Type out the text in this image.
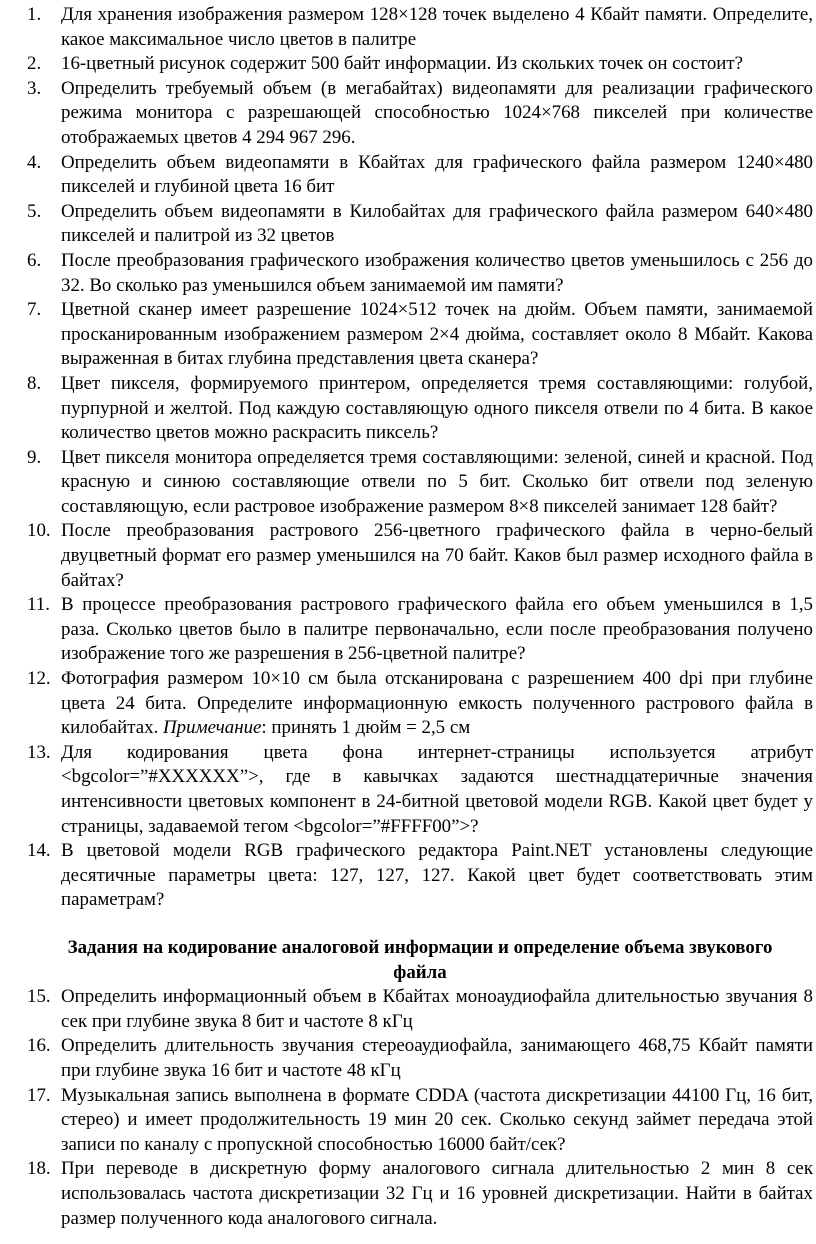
1.	Для хранения изображения размером 128×128 точек выделено 4 Кбайт памяти. Определите, какое максимальное число цветов в палитре
2.	16-цветный рисунок содержит 500 байт информации. Из скольких точек он состоит?
3.	Определить требуемый объем (в мегабайтах) видеопамяти для реализации графического режима монитора с разрешающей способностью 1024×768 пикселей при количестве отображаемых цветов 4 294 967 296.
4.	Определить объем видеопамяти в Кбайтах для графического файла размером 1240×480 пикселей и глубиной цвета 16 бит
5.	Определить объем видеопамяти в Килобайтах для графического файла размером 640×480 пикселей и палитрой из 32 цветов
6.	После преобразования графического изображения количество цветов уменьшилось с 256 до 32. Во сколько раз уменьшился объем занимаемой им памяти?
7.	Цветной сканер имеет разрешение 1024×512 точек на дюйм. Объем памяти, занимаемой просканированным изображением размером 2×4 дюйма, составляет около 8 Мбайт. Какова выраженная в битах глубина представления цвета сканера?
8.	Цвет пикселя, формируемого принтером, определяется тремя составляющими: голубой, пурпурной и желтой. Под каждую составляющую одного пикселя отвели по 4 бита. В какое количество цветов можно раскрасить пиксель?
9.	Цвет пикселя монитора определяется тремя составляющими: зеленой, синей и красной. Под красную и синюю составляющие отвели по 5 бит. Сколько бит отвели под зеленую составляющую, если растровое изображение размером 8×8 пикселей занимает 128 байт?
10. После преобразования растрового 256-цветного графического файла в черно-белый двуцветный формат его размер уменьшился на 70 байт. Каков был размер исходного файла в байтах?
11. В процессе преобразования растрового графического файла его объем уменьшился в 1,5 раза. Сколько цветов было в палитре первоначально, если после преобразования получено изображение того же разрешения в 256-цветной палитре?
12. Фотография размером 10×10 см была отсканирована с разрешением 400 dpi при глубине цвета 24 бита. Определите информационную емкость полученного растрового файла в килобайтах. Примечание: принять 1 дюйм = 2,5 см
13. Для кодирования цвета фона интернет-страницы используется атрибут <bgcolor=”#XXXXXX”>, где в кавычках задаются шестнадцатеричные значения интенсивности цветовых компонент в 24-битной цветовой модели RGB. Какой цвет будет у страницы, задаваемой тегом <bgcolor=”#FFFF00”>?
14. В цветовой модели RGB графического редактора Paint.NET установлены следующие десятичные параметры цвета: 127, 127, 127. Какой цвет будет соответствовать этим параметрам?

Задания на кодирование аналоговой информации и определение объема звукового файла

15. Определить информационный объем в Кбайтах моноаудиофайла длительностью звучания 8 сек при глубине звука 8 бит и частоте 8 кГц
16. Определить длительность звучания стереоаудиофайла, занимающего 468,75 Кбайт памяти при глубине звука 16 бит и частоте 48 кГц
17. Музыкальная запись выполнена в формате CDDA (частота дискретизации 44100 Гц, 16 бит, стерео) и имеет продолжительность 19 мин 20 сек. Сколько секунд займет передача этой записи по каналу с пропускной способностью 16000 байт/сек?
18. При переводе в дискретную форму аналогового сигнала длительностью 2 мин 8 сек использовалась частота дискретизации 32 Гц и 16 уровней дискретизации. Найти в байтах размер полученного кода аналогового сигнала.
